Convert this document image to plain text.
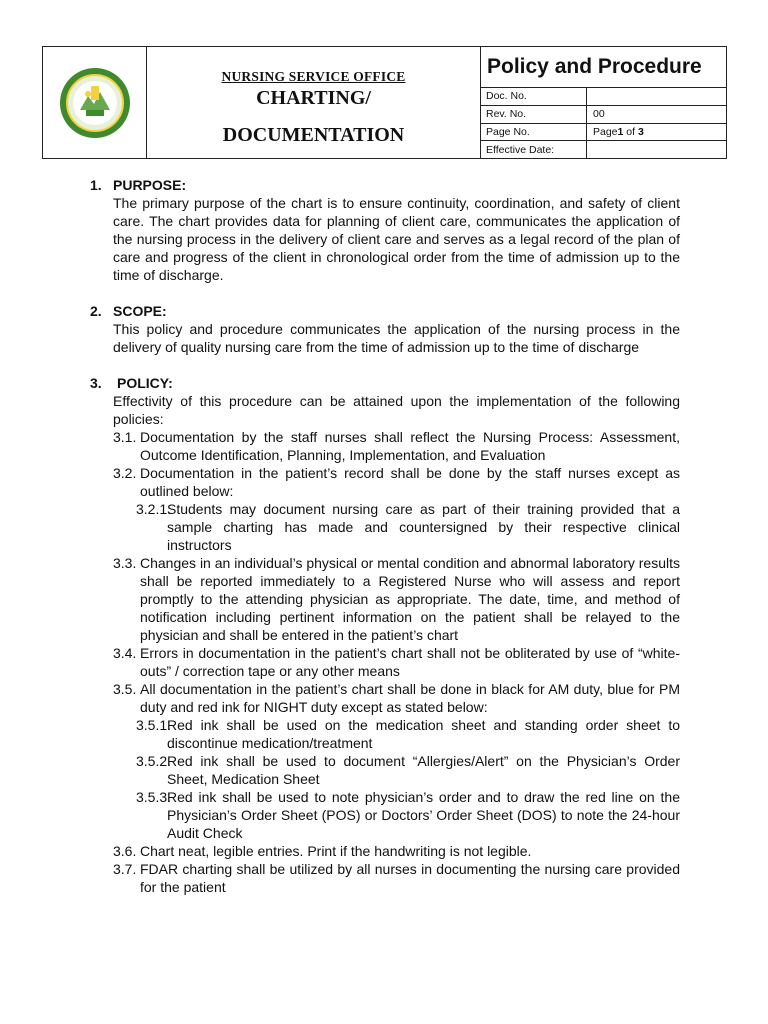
NURSING SERVICE OFFICE
CHARTING/
DOCUMENTATION
Policy and Procedure
Doc. No.
Rev. No.	00
Page No.	Page 1 of 3
Effective Date:
1. PURPOSE:
The primary purpose of the chart is to ensure continuity, coordination, and safety of client care. The chart provides data for planning of client care, communicates the application of the nursing process in the delivery of client care and serves as a legal record of the plan of care and progress of the client in chronological order from the time of admission up to the time of discharge.
2. SCOPE:
This policy and procedure communicates the application of the nursing process in the delivery of quality nursing care from the time of admission up to the time of discharge
3.	POLICY:
Effectivity of this procedure can be attained upon the implementation of the following policies:
3.1. Documentation by the staff nurses shall reflect the Nursing Process: Assessment, Outcome Identification, Planning, Implementation, and Evaluation
3.2. Documentation in the patient’s record shall be done by the staff nurses except as outlined below:
3.2.1.
Students may document nursing care as part of their training provided that a sample charting has made and countersigned by their respective clinical instructors
3.3. Changes in an individual’s physical or mental condition and abnormal laboratory results shall be reported immediately to a Registered Nurse who will assess and report promptly to the attending physician as appropriate. The date, time, and method of notification including pertinent information on the patient shall be relayed to the physician and shall be entered in the patient’s chart
3.4. Errors in documentation in the patient’s chart shall not be obliterated by use of “white-outs” / correction tape or any other means
3.5. All documentation in the patient’s chart shall be done in black for AM duty, blue for PM duty and red ink for NIGHT duty except as stated below:
3.5.1.
Red ink shall be used on the medication sheet and standing order sheet to discontinue medication/treatment
3.5.2.
Red ink shall be used to document “Allergies/Alert” on the Physician’s Order Sheet, Medication Sheet
3.5.3.
Red ink shall be used to note physician’s order and to draw the red line on the Physician’s Order Sheet (POS) or Doctors’ Order Sheet (DOS) to note the 24-hour Audit Check
3.6. Chart neat, legible entries. Print if the handwriting is not legible.
3.7. FDAR charting shall be utilized by all nurses in documenting the nursing care provided for the patient
